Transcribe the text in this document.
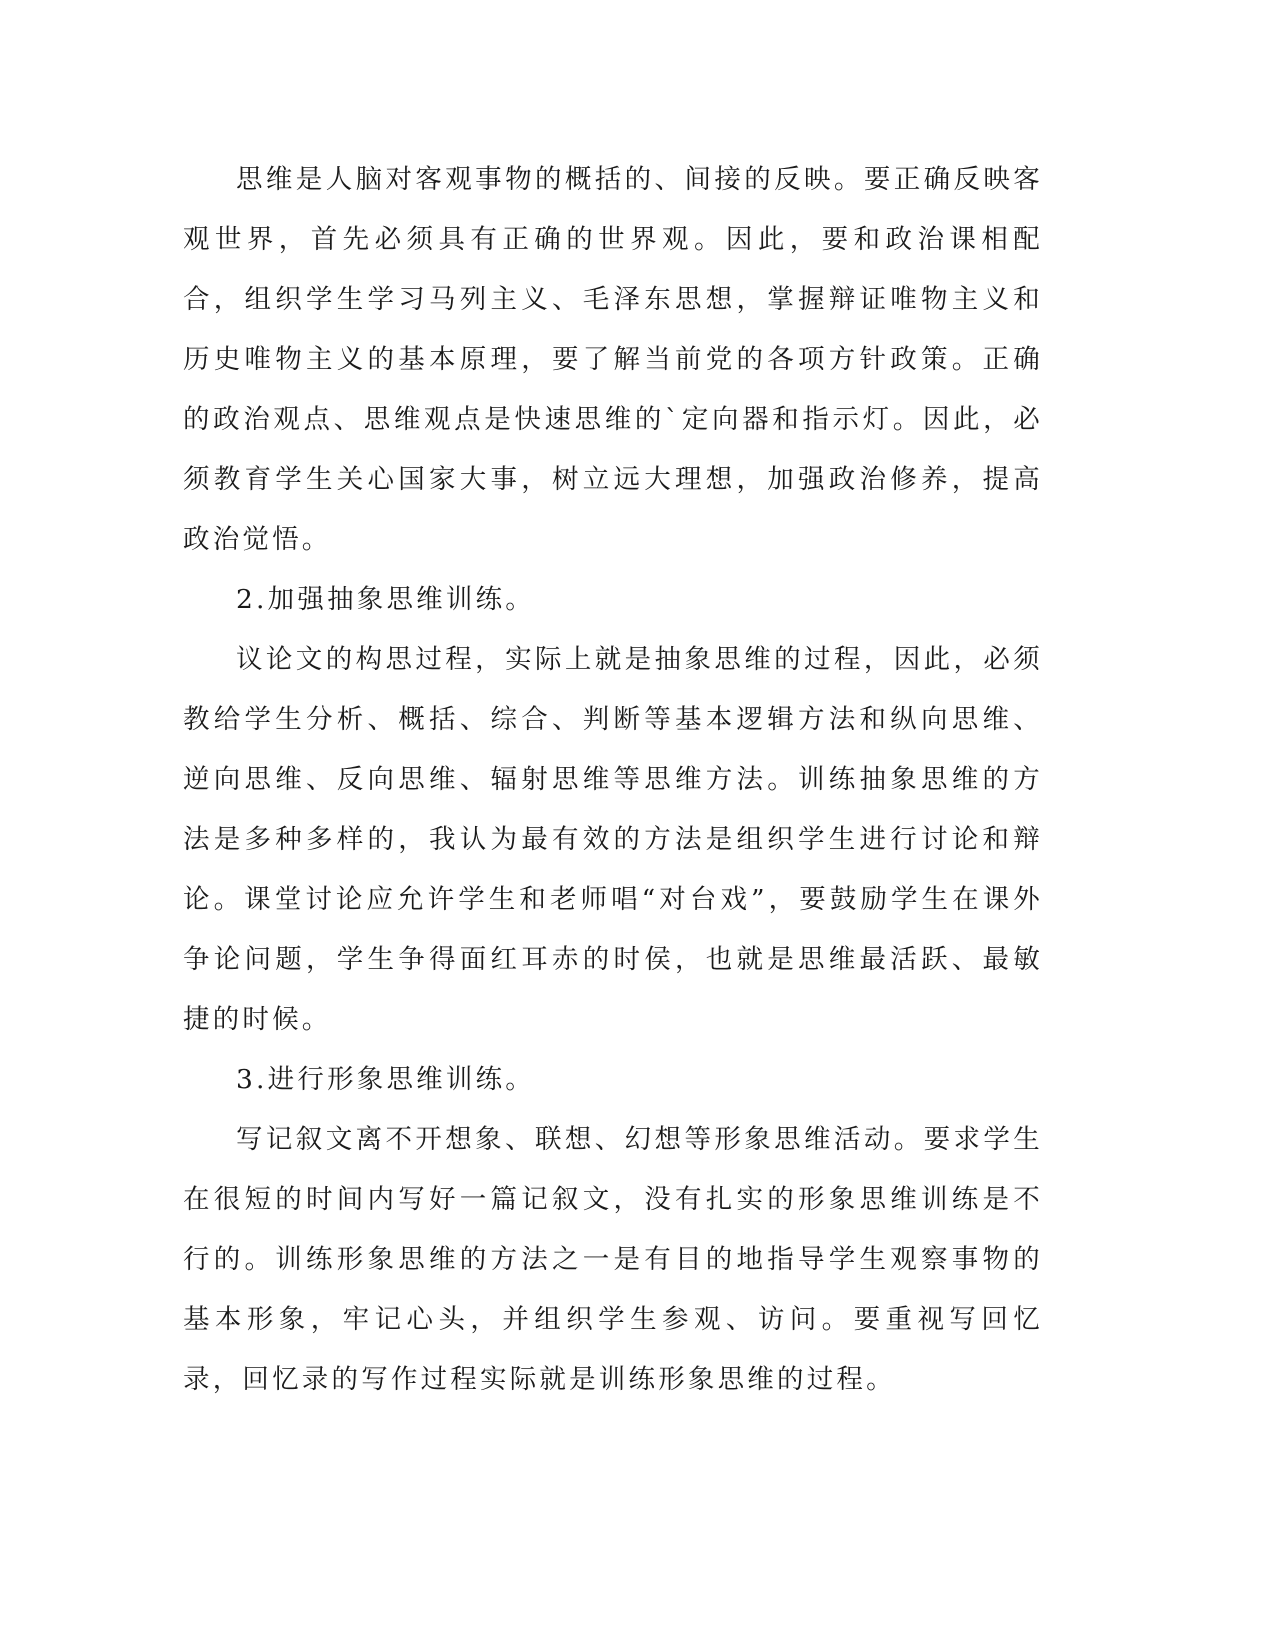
思维是人脑对客观事物的概括的、间接的反映。要正确反映客观世界，首先必须具有正确的世界观。因此，要和政治课相配合，组织学生学习马列主义、毛泽东思想，掌握辩证唯物主义和历史唯物主义的基本原理，要了解当前党的各项方针政策。正确的政治观点、思维观点是快速思维的`定向器和指示灯。因此，必须教育学生关心国家大事，树立远大理想，加强政治修养，提高政治觉悟。

2.加强抽象思维训练。

议论文的构思过程，实际上就是抽象思维的过程，因此，必须教给学生分析、概括、综合、判断等基本逻辑方法和纵向思维、逆向思维、反向思维、辐射思维等思维方法。训练抽象思维的方法是多种多样的，我认为最有效的方法是组织学生进行讨论和辩论。课堂讨论应允许学生和老师唱“对台戏”，要鼓励学生在课外争论问题，学生争得面红耳赤的时侯，也就是思维最活跃、最敏捷的时候。

3.进行形象思维训练。

写记叙文离不开想象、联想、幻想等形象思维活动。要求学生在很短的时间内写好一篇记叙文，没有扎实的形象思维训练是不行的。训练形象思维的方法之一是有目的地指导学生观察事物的基本形象，牢记心头，并组织学生参观、访问。要重视写回忆录，回忆录的写作过程实际就是训练形象思维的过程。
